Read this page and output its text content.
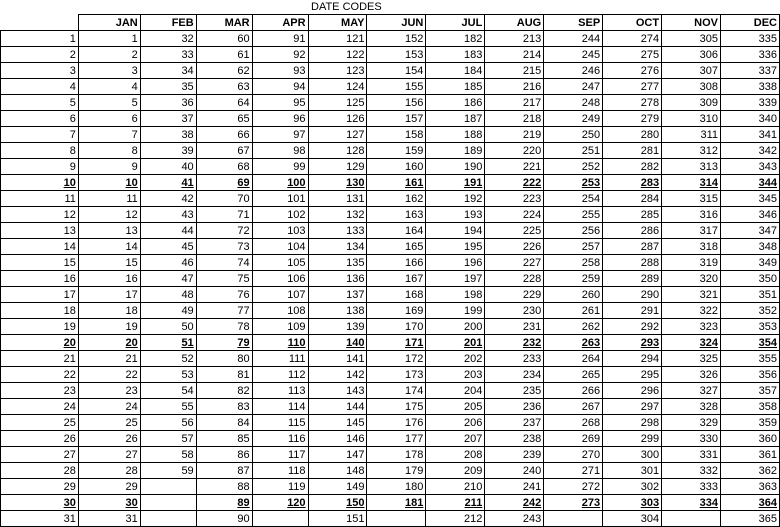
DATE CODES
	JAN	FEB	MAR	APR	MAY	JUN	JUL	AUG	SEP	OCT	NOV	DEC
1	1	32	60	91	121	152	182	213	244	274	305	335
2	2	33	61	92	122	153	183	214	245	275	306	336
3	3	34	62	93	123	154	184	215	246	276	307	337
4	4	35	63	94	124	155	185	216	247	277	308	338
5	5	36	64	95	125	156	186	217	248	278	309	339
6	6	37	65	96	126	157	187	218	249	279	310	340
7	7	38	66	97	127	158	188	219	250	280	311	341
8	8	39	67	98	128	159	189	220	251	281	312	342
9	9	40	68	99	129	160	190	221	252	282	313	343
10	10	41	69	100	130	161	191	222	253	283	314	344
11	11	42	70	101	131	162	192	223	254	284	315	345
12	12	43	71	102	132	163	193	224	255	285	316	346
13	13	44	72	103	133	164	194	225	256	286	317	347
14	14	45	73	104	134	165	195	226	257	287	318	348
15	15	46	74	105	135	166	196	227	258	288	319	349
16	16	47	75	106	136	167	197	228	259	289	320	350
17	17	48	76	107	137	168	198	229	260	290	321	351
18	18	49	77	108	138	169	199	230	261	291	322	352
19	19	50	78	109	139	170	200	231	262	292	323	353
20	20	51	79	110	140	171	201	232	263	293	324	354
21	21	52	80	111	141	172	202	233	264	294	325	355
22	22	53	81	112	142	173	203	234	265	295	326	356
23	23	54	82	113	143	174	204	235	266	296	327	357
24	24	55	83	114	144	175	205	236	267	297	328	358
25	25	56	84	115	145	176	206	237	268	298	329	359
26	26	57	85	116	146	177	207	238	269	299	330	360
27	27	58	86	117	147	178	208	239	270	300	331	361
28	28	59	87	118	148	179	209	240	271	301	332	362
29	29		88	119	149	180	210	241	272	302	333	363
30	30		89	120	150	181	211	242	273	303	334	364
31	31		90		151		212	243		304		365
